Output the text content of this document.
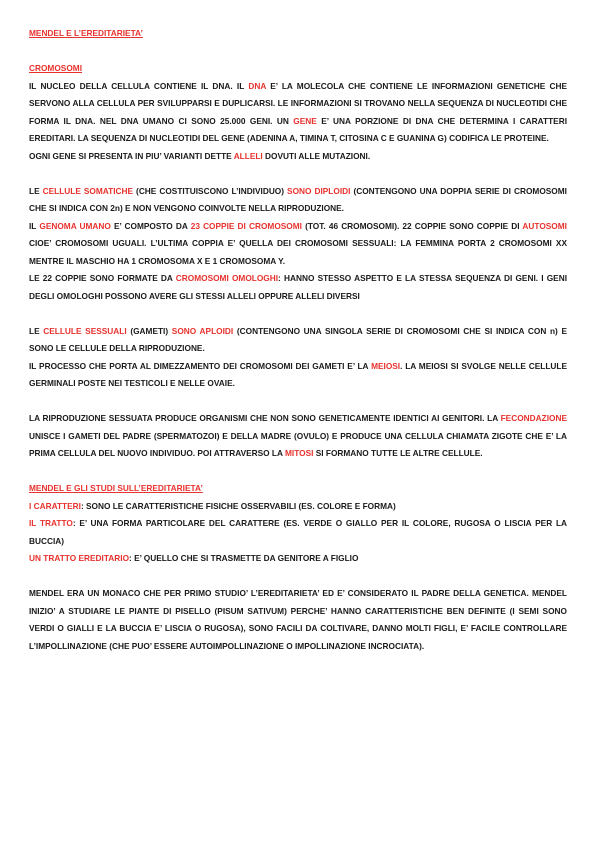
MENDEL E L’EREDITARIETA’

CROMOSOMI

IL NUCLEO DELLA CELLULA CONTIENE IL DNA. IL DNA E’ LA MOLECOLA CHE CONTIENE LE INFORMAZIONI GENETICHE CHE SERVONO ALLA CELLULA PER SVILUPPARSI E DUPLICARSI. LE INFORMAZIONI SI TROVANO NELLA SEQUENZA DI NUCLEOTIDI CHE FORMA IL DNA. NEL DNA UMANO CI SONO 25.000 GENI. UN GENE E’ UNA PORZIONE DI DNA CHE DETERMINA I CARATTERI EREDITARI. LA SEQUENZA DI NUCLEOTIDI DEL GENE (ADENINA A, TIMINA T, CITOSINA C E GUANINA G) CODIFICA LE PROTEINE.

OGNI GENE SI PRESENTA IN PIU’ VARIANTI DETTE ALLELI DOVUTI ALLE MUTAZIONI.

LE CELLULE SOMATICHE (CHE COSTITUISCONO L’INDIVIDUO) SONO DIPLOIDI (CONTENGONO UNA DOPPIA SERIE DI CROMOSOMI CHE SI INDICA CON 2n) E NON VENGONO COINVOLTE NELLA RIPRODUZIONE.

IL GENOMA UMANO E’ COMPOSTO DA 23 COPPIE DI CROMOSOMI (TOT. 46 CROMOSOMI). 22 COPPIE SONO COPPIE DI AUTOSOMI CIOE’ CROMOSOMI UGUALI. L’ULTIMA COPPIA E’ QUELLA DEI CROMOSOMI SESSUALI: LA FEMMINA PORTA 2 CROMOSOMI XX MENTRE IL MASCHIO HA 1 CROMOSOMA X E 1 CROMOSOMA Y.

LE 22 COPPIE SONO FORMATE DA CROMOSOMI OMOLOGHI: HANNO STESSO ASPETTO E LA STESSA SEQUENZA DI GENI. I GENI DEGLI OMOLOGHI POSSONO AVERE GLI STESSI ALLELI OPPURE ALLELI DIVERSI

LE CELLULE SESSUALI (GAMETI) SONO APLOIDI (CONTENGONO UNA SINGOLA SERIE DI CROMOSOMI CHE SI INDICA CON n) E SONO LE CELLULE DELLA RIPRODUZIONE.

IL PROCESSO CHE PORTA AL DIMEZZAMENTO DEI CROMOSOMI DEI GAMETI E’ LA MEIOSI. LA MEIOSI SI SVOLGE NELLE CELLULE GERMINALI POSTE NEI TESTICOLI E NELLE OVAIE.

LA RIPRODUZIONE SESSUATA PRODUCE ORGANISMI CHE NON SONO GENETICAMENTE IDENTICI AI GENITORI. LA FECONDAZIONE UNISCE I GAMETI DEL PADRE (SPERMATOZOI) E DELLA MADRE (OVULO) E PRODUCE UNA CELLULA CHIAMATA ZIGOTE CHE E’ LA PRIMA CELLULA DEL NUOVO INDIVIDUO. POI ATTRAVERSO LA MITOSI SI FORMANO TUTTE LE ALTRE CELLULE.

MENDEL E GLI STUDI SULL’EREDITARIETA’

I CARATTERI: SONO LE CARATTERISTICHE FISICHE OSSERVABILI (ES. COLORE E FORMA)

IL TRATTO: E’ UNA FORMA PARTICOLARE DEL CARATTERE (ES. VERDE O GIALLO PER IL COLORE, RUGOSA O LISCIA PER LA BUCCIA)

UN TRATTO EREDITARIO: E’ QUELLO CHE SI TRASMETTE DA GENITORE A FIGLIO

MENDEL ERA UN MONACO CHE PER PRIMO STUDIO’ L’EREDITARIETA’ ED E’ CONSIDERATO IL PADRE DELLA GENETICA. MENDEL INIZIO’ A STUDIARE LE PIANTE DI PISELLO (PISUM SATIVUM) PERCHE’ HANNO CARATTERISTICHE BEN DEFINITE (I SEMI SONO VERDI O GIALLI E LA BUCCIA E’ LISCIA O RUGOSA), SONO FACILI DA COLTIVARE, DANNO MOLTI FIGLI, E’ FACILE CONTROLLARE L’IMPOLLINAZIONE (CHE PUO’ ESSERE AUTOIMPOLLINAZIONE O IMPOLLINAZIONE INCROCIATA).
